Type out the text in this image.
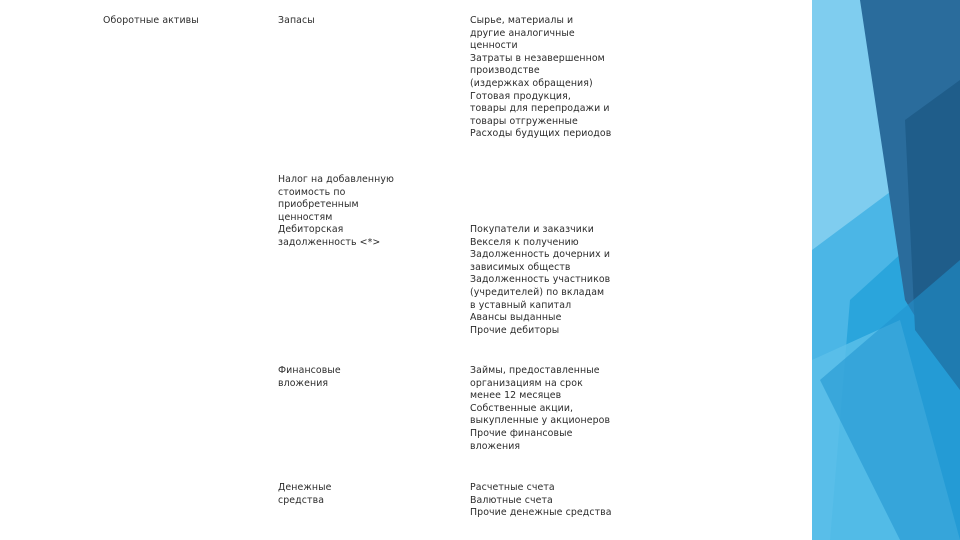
Оборотные активы	Запасы	Сырье, материалы и
другие аналогичные
ценности
Затраты в незавершенном
производстве
(издержках обращения)
Готовая продукция,
товары для перепродажи и
товары отгруженные
Расходы будущих периодов
Налог на добавленную
стоимость по
приобретенным
ценностям
Дебиторская
задолженность <*>
Покупатели и заказчики
Векселя к получению
Задолженность дочерних и
зависимых обществ
Задолженность участников
(учредителей) по вкладам
в уставный капитал
Авансы выданные
Прочие дебиторы
Финансовые
вложения
Займы, предоставленные
организациям на срок
менее 12 месяцев
Собственные акции,
выкупленные у акционеров
Прочие финансовые
вложения
Денежные
средства
Расчетные счета
Валютные счета
Прочие денежные средства
